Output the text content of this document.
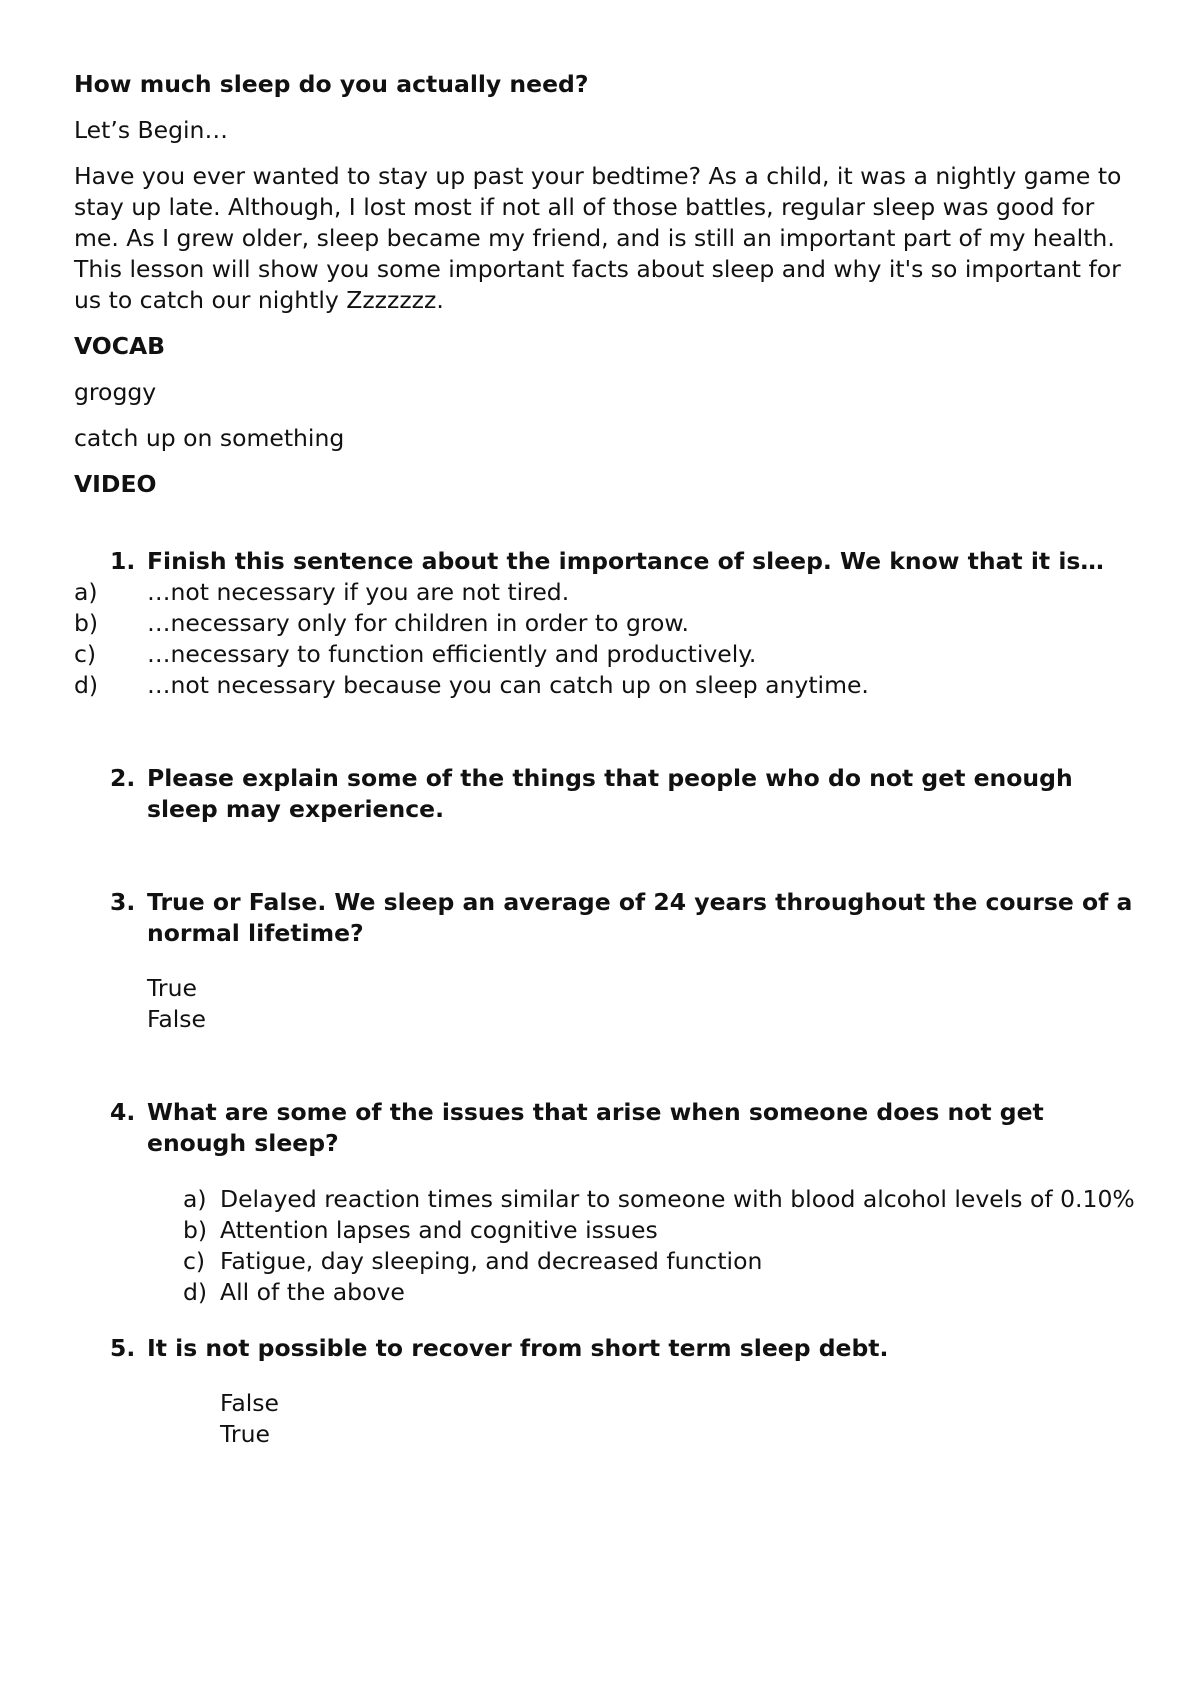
How much sleep do you actually need?

Let’s Begin…

Have you ever wanted to stay up past your bedtime? As a child, it was a nightly game to stay up late. Although, I lost most if not all of those battles, regular sleep was good for me. As I grew older, sleep became my friend, and is still an important part of my health. This lesson will show you some important facts about sleep and why it's so important for us to catch our nightly Zzzzzzz.

VOCAB

groggy

catch up on something

VIDEO

1. Finish this sentence about the importance of sleep. We know that it is…
a) …not necessary if you are not tired.
b) …necessary only for children in order to grow.
c) …necessary to function efficiently and productively.
d) …not necessary because you can catch up on sleep anytime.
2. Please explain some of the things that people who do not get enough sleep may experience.
3. True or False. We sleep an average of 24 years throughout the course of a normal lifetime?
True
False
4. What are some of the issues that arise when someone does not get enough sleep?
a) Delayed reaction times similar to someone with blood alcohol levels of 0.10%
b) Attention lapses and cognitive issues
c) Fatigue, day sleeping, and decreased function
d) All of the above
5. It is not possible to recover from short term sleep debt.
False
True
